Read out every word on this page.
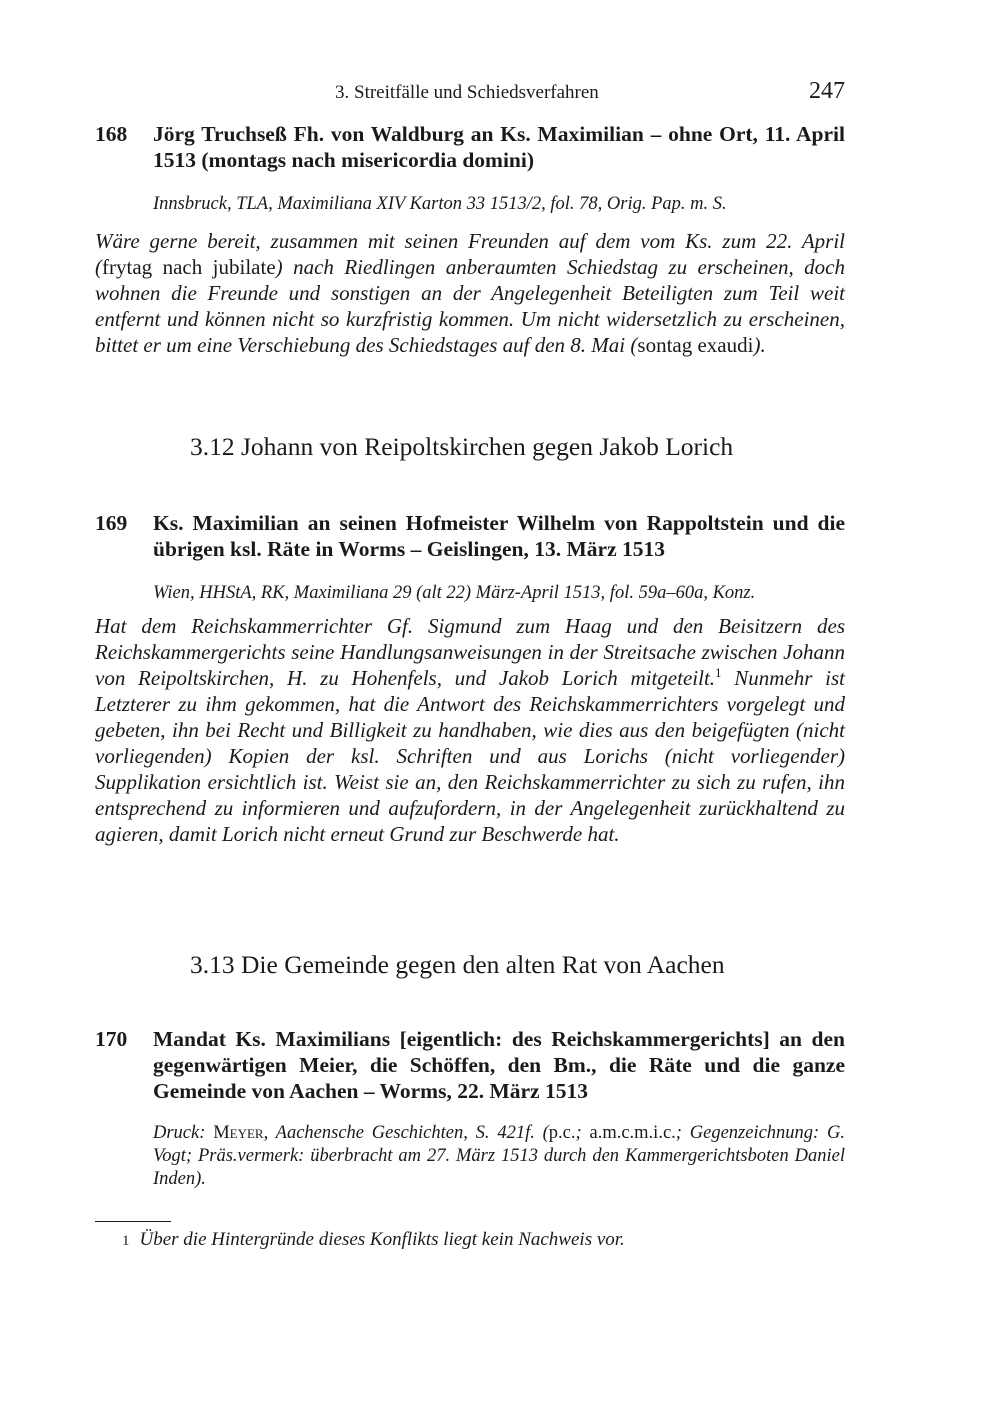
3. Streitfälle und Schiedsverfahren	247
168 Jörg Truchseß Fh. von Waldburg an Ks. Maximilian – ohne Ort, 11. April 1513 (montags nach misericordia domini)
Innsbruck, TLA, Maximiliana XIV Karton 33 1513/2, fol. 78, Orig. Pap. m. S.
Wäre gerne bereit, zusammen mit seinen Freunden auf dem vom Ks. zum 22. April (frytag nach jubilate) nach Riedlingen anberaumten Schiedstag zu erscheinen, doch wohnen die Freunde und sonstigen an der Angelegenheit Beteiligten zum Teil weit entfernt und können nicht so kurzfristig kommen. Um nicht widersetzlich zu erscheinen, bittet er um eine Verschiebung des Schiedstages auf den 8. Mai (sontag exaudi).
3.12 Johann von Reipoltskirchen gegen Jakob Lorich
169 Ks. Maximilian an seinen Hofmeister Wilhelm von Rappoltstein und die übrigen ksl. Räte in Worms – Geislingen, 13. März 1513
Wien, HHStA, RK, Maximiliana 29 (alt 22) März-April 1513, fol. 59a–60a, Konz.
Hat dem Reichskammerrichter Gf. Sigmund zum Haag und den Beisitzern des Reichskammergerichts seine Handlungsanweisungen in der Streitsache zwischen Johann von Reipoltskirchen, H. zu Hohenfels, und Jakob Lorich mitgeteilt.$^1$ Nunmehr ist Letzterer zu ihm gekommen, hat die Antwort des Reichskammerrichters vorgelegt und gebeten, ihn bei Recht und Billigkeit zu handhaben, wie dies aus den beigefügten (nicht vorliegenden) Kopien der ksl. Schriften und aus Lorichs (nicht vorliegender) Supplikation ersichtlich ist. Weist sie an, den Reichskammerrichter zu sich zu rufen, ihn entsprechend zu informieren und aufzufordern, in der Angelegenheit zurückhaltend zu agieren, damit Lorich nicht erneut Grund zur Beschwerde hat.
3.13 Die Gemeinde gegen den alten Rat von Aachen
170 Mandat Ks. Maximilians [eigentlich: des Reichskammergerichts] an den gegenwärtigen Meier, die Schöffen, den Bm., die Räte und die ganze Gemeinde von Aachen – Worms, 22. März 1513
Druck: Meyer, Aachensche Geschichten, S. 421f. (p.c.; a.m.c.m.i.c.; Gegenzeichnung: G. Vogt; Präs.vermerk: überbracht am 27. März 1513 durch den Kammergerichtsboten Daniel Inden).
1 Über die Hintergründe dieses Konflikts liegt kein Nachweis vor.
